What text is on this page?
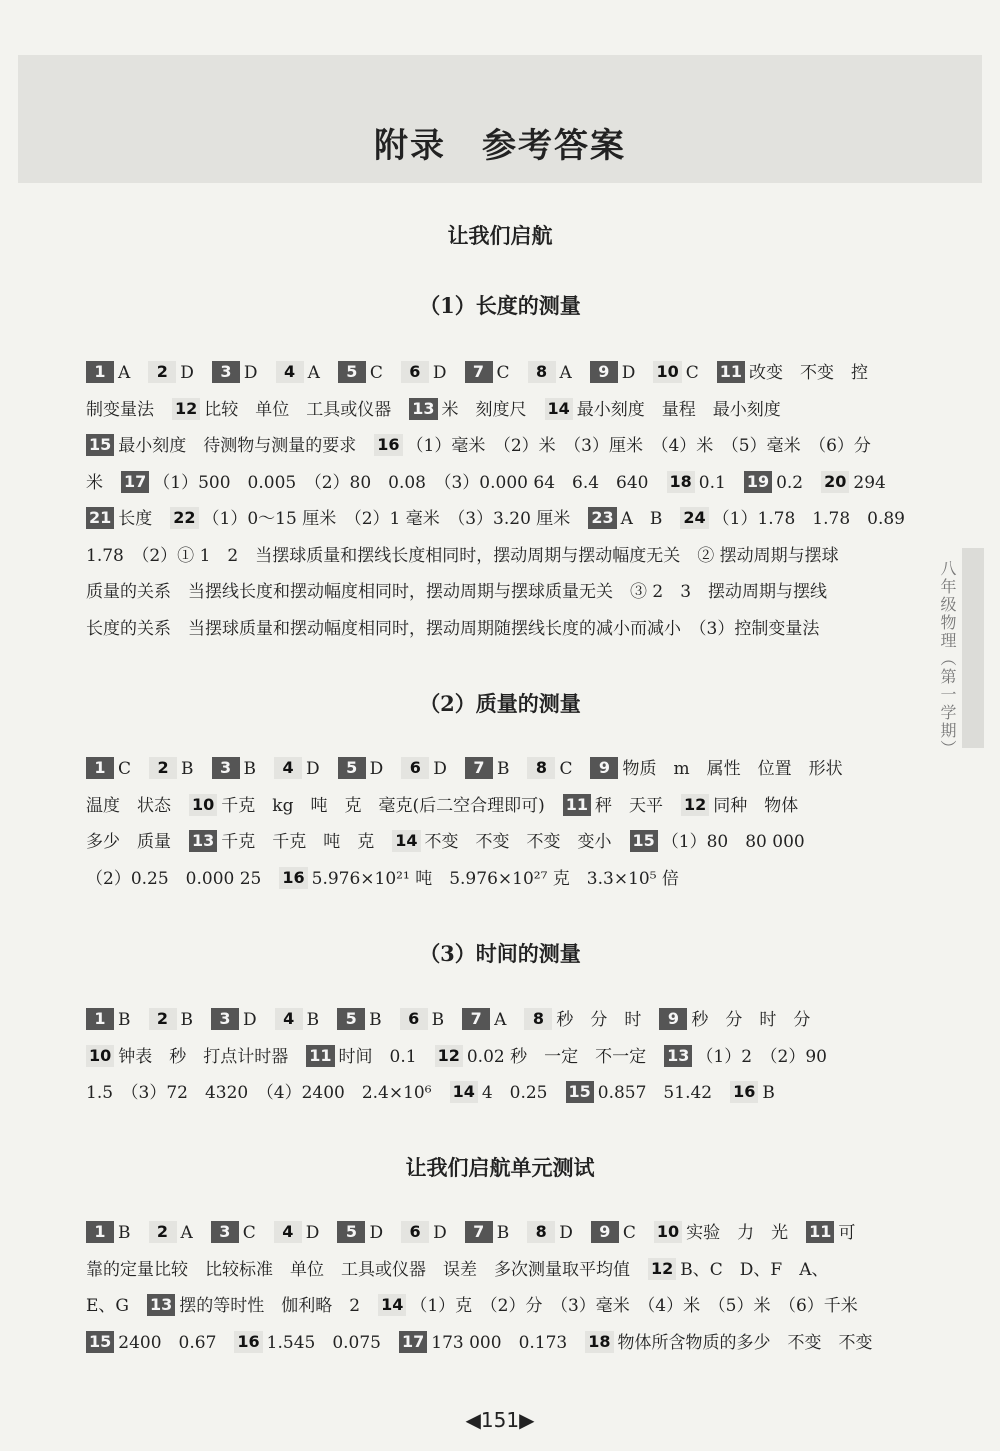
附录 参考答案
让我们启航
（1）长度的测量
1 A 2 D 3 D 4 A 5 C 6 D 7 C 8 A 9 D 10 C 11 改变　不变　控
制变量法 12 比较　单位　工具或仪器 13 米　刻度尺 14 最小刻度　量程　最小刻度
15 最小刻度　待测物与测量的要求 16 （1）毫米　（2）米　（3）厘米　（4）米　（5）毫米　（6）分
米 17 （1）500　0.005　（2）80　0.08　（3）0.000 64　6.4　640 18 0.1 19 0.2 20 294
21 长度 22 （1）0～15 厘米　（2）1 毫米　（3）3.20 厘米 23 A　B 24 （1）1.78　1.78　0.89
1.78　（2）① 1　2　当摆球质量和摆线长度相同时，摆动周期与摆动幅度无关　② 摆动周期与摆球
质量的关系　当摆线长度和摆动幅度相同时，摆动周期与摆球质量无关　③ 2　3　摆动周期与摆线
长度的关系　当摆球质量和摆动幅度相同时，摆动周期随摆线长度的减小而减小　（3）控制变量法
（2）质量的测量
1 C 2 B 3 B 4 D 5 D 6 D 7 B 8 C 9 物质　m　属性　位置　形状
温度　状态 10 千克　kg　吨　克　毫克(后二空合理即可) 11 秤　天平 12 同种　物体
多少　质量 13 千克　千克　吨　克 14 不变　不变　不变　变小 15 （1）80　80 000
（2）0.25　0.000 25 16 5.976×10²¹ 吨　5.976×10²⁷ 克　3.3×10⁵ 倍
（3）时间的测量
1 B 2 B 3 D 4 B 5 B 6 B 7 A 8 秒　分　时 9 秒　分　时　分
10 钟表　秒　打点计时器 11 时间　0.1 12 0.02 秒　一定　不一定 13 （1）2　（2）90
1.5　（3）72　4320　（4）2400　2.4×10⁶ 14 4　0.25 15 0.857　51.42 16 B
让我们启航单元测试
1 B 2 A 3 C 4 D 5 D 6 D 7 B 8 D 9 C 10 实验　力　光 11 可
靠的定量比较　比较标准　单位　工具或仪器　误差　多次测量取平均值 12 B、C　D、F　A、
E、G 13 摆的等时性　伽利略　2 14 （1）克　（2）分　（3）毫米　（4）米　（5）米　（6）千米
15 2400　0.67 16 1.545　0.075 17 173 000　0.173 18 物体所含物质的多少　不变　不变
八年级物理（第一学期）
◀151▶
